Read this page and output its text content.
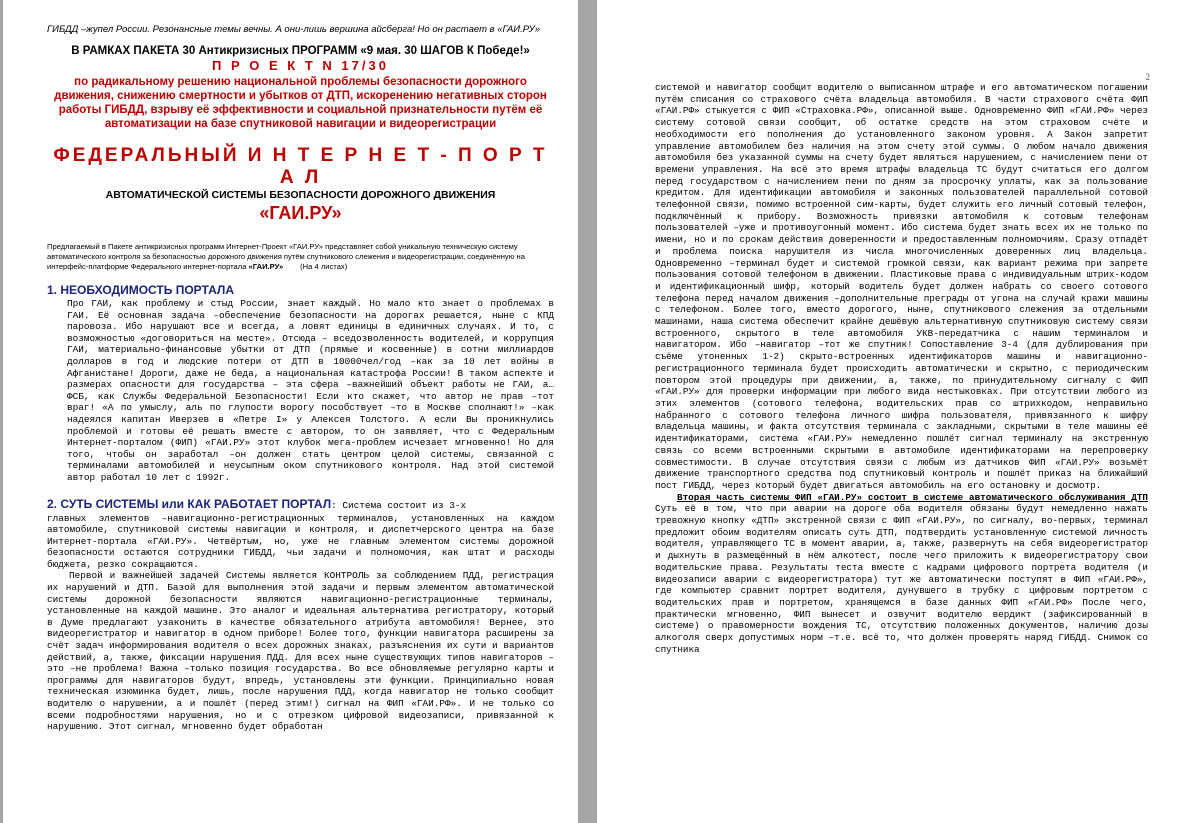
ГИБДД –жупел России. Резонансные темы вечны. А они-лишь вершина айсберга! Но он растает в «ГАИ.РУ»

В РАМКАХ ПАКЕТА 30 Антикризисных ПРОГРАММ «9 мая. 30 ШАГОВ К Победе!»
П Р О Е К Т N 17/30
по радикальному решению национальной проблемы безопасности дорожного движения, снижению смертности и убытков от ДТП, искоренению негативных сторон работы ГИБДД, взрыву её эффективности и социальной признательности путём её автоматизации на базе спутниковой навигации и видеорегистрации
ФЕДЕРАЛЬНЫЙ И Н Т Е Р Н Е Т - П О Р Т А Л
АВТОМАТИЧЕСКОЙ СИСТЕМЫ БЕЗОПАСНОСТИ ДОРОЖНОГО ДВИЖЕНИЯ
«ГАИ.РУ»

Предлагаемый в Пакете антикризисных программ Интернет-Проект «ГАИ.РУ» представляет собой уникальную техническую систему автоматического контроля за безопасностью дорожного движения путём спутникового слежения и видеорегистрации, соединённую на интерфейс-платформе Федерального интернет-портала «ГАИ.РУ» (На 4 листах)

1. НЕОБХОДИМОСТЬ ПОРТАЛА

Про ГАИ, как проблему и стыд России, знает каждый. Но мало кто знает о проблемах в ГАИ. Её основная задача –обеспечение безопасности на дорогах решается, ныне с КПД паровоза. Ибо нарушают все и всегда, а ловят единицы в единичных случаях. И то, с возможностью «договориться на месте». Отсюда – вседозволенность водителей, и коррупция ГАИ, материально-финансовые убытки от ДТП (прямые и косвенные) в сотни миллиардов долларов в год и людские потери от ДТП в 10000чел/год –как за 10 лет войны в Афганистане! Дороги, даже не беда, а национальная катастрофа России! В таком аспекте и размерах опасности для государства – эта сфера –важнейший объект работы не ГАИ, а… ФСБ, как Службы Федеральной Безопасности! Если кто скажет, что автор не прав –тот враг! «А по умыслу, аль по глупости ворогу пособствует –то в Москве сполнают!» –как надеялся капитан Иверзев в «Петре I» у Алексея Толстого. А если Вы проникнулись проблемой и готовы её решать вместе с автором, то он заявляет, что с Федеральным Интернет-порталом (ФИП) «ГАИ.РУ» этот клубок мега-проблем исчезает мгновенно! Но для того, чтобы он заработал –он должен стать центром целой системы, связанной с терминалами автомобилей и неусыпным оком спутникового контроля. Над этой системой автор работал 10 лет с 1992г.

2. СУТЬ СИСТЕМЫ или КАК РАБОТАЕТ ПОРТАЛ: Система состоит из 3-х

главных элементов –навигационно-регистрационных терминалов, установленных на каждом автомобиле, спутниковой системы навигации и контроля, и диспетчерского центра на базе Интернет-портала «ГАИ.РУ». Четвёртым, но, уже не главным элементом системы дорожной безопасности остаются сотрудники ГИБДД, чьи задачи и полномочия, как штат и расходы бюджета, резко сокращаются.

Первой и важнейшей задачей Системы является КОНТРОЛЬ за соблюдением ПДД, регистрация их нарушений и ДТП. Базой для выполнения этой задачи и первым элементом автоматической системы дорожной безопасности являются навигационно-регистрационные терминалы, установленные на каждой машине. Это аналог и идеальная альтернатива регистратору, который в Думе предлагают узаконить в качестве обязательного атрибута автомобиля! Вернее, это видеорегистратор и навигатор в одном приборе! Более того, функции навигатора расширены за счёт задач информирования водителя о всех дорожных знаках, разъяснения их сути и вариантов действий, а, также, фиксации нарушения ПДД. Для всех ныне существующих типов навигаторов –это –не проблема! Важна –только позиция государства. Во все обновляемые регулярно карты и программы для навигаторов будут, впредь, установлены эти функции. Принципиально новая техническая изюминка будет, лишь, после нарушения ПДД, когда навигатор не только сообщит водителю о нарушении, а и пошлёт (перед этим!) сигнал на ФИП «ГАИ.РФ». И не только со всеми подробностями нарушения, но и с отрезком цифровой видеозаписи, привязанной к нарушению. Этот сигнал, мгновенно будет обработан

2

системой и навигатор сообщит водителю о выписанном штрафе и его автоматическом погашении путём списания со страхового счёта владельца автомобиля. В части страхового счёта ФИП «ГАИ.РФ» стыкуется с ФИП «Страховка.РФ», описанной выше. Одновременно ФИП «ГАИ.РФ» через систему сотовой связи сообщит, об остатке средств на этом страховом счёте и необходимости его пополнения до установленного законом уровня. А Закон запретит управление автомобилем без наличия на этом счету этой суммы. О любом начало движения автомобиля без указанной суммы на счету будет являться нарушением, с начислением пени от времени управления. На всё это время штрафы владельца ТС будут считаться его долгом перед государством с начислением пени по дням за просрочку уплаты, как за пользование кредитом. Для идентификации автомобиля и законных пользователей параллельной сотовой телефонной связи, помимо встроенной сим-карты, будет служить его личный сотовый телефон, подключённый к прибору. Возможность привязки автомобиля к сотовым телефонам пользователей –уже и противоугонный момент. Ибо система будет знать всех их не только по имени, но и по срокам действия доверенности и предоставленным полномочиям. Сразу отпадёт и проблема поиска нарушителя из числа многочисленных доверенных лиц владельца. Одновременно –терминал будет и системой громкой связи, как вариант режима при запрете пользования сотовой телефоном в движении. Пластиковые права с индивидуальным штрих-кодом и идентификационный шифр, который водитель будет должен набрать со своего сотового телефона перед началом движения –дополнительные преграды от угона на случай кражи машины с телефоном. Более того, вместо дорогого, ныне, спутникового слежения за отдельными машинами, наша система обеспечит крайне дешёвую альтернативную спутниковую систему связи встроенного, скрытого в теле автомобиля УКВ-передатчика с нашим терминалом и навигатором. Ибо –навигатор –тот же спутник! Сопоставление 3-4 (для дублирования при съёме утоненных 1-2) скрыто-встроенных идентификаторов машины и навигационно-регистрационного терминала будет происходить автоматически и скрытно, с периодическим повтором этой процедуры при движении, а, также, по принудительному сигналу с ФИП «ГАИ.РУ» для проверки информации при любого вида нестыковках. При отсутствии любого из этих элементов (сотового телефона, водительских прав со штрихкодом, неправильно набранного с сотового телефона личного шифра пользователя, привязанного к шифру владельца машины, и факта отсутствия терминала с закладными, скрытыми в теле машины её идентификаторами, система «ГАИ.РУ» немедленно пошлёт сигнал терминалу на экстренную связь со всеми встроенными скрытыми в автомобиле идентификаторами на перепроверку совместимости. В случае отсутствия связи с любым из датчиков ФИП «ГАИ.РУ» возьмёт движение транспортного средства под спутниковый контроль и пошлёт приказ на ближайший пост ГИБДД, через который будет двигаться автомобиль на его остановку и досмотр.

Вторая часть системы ФИП «ГАИ.РУ» состоит в системе автоматического обслуживания ДТП Суть её в том, что при аварии на дороге оба водителя обязаны будут немедленно нажать тревожную кнопку «ДТП» экстренной связи с ФИП «ГАИ.РУ», по сигналу, во-первых, терминал предложит обоим водителям описать суть ДТП, подтвердить установленную системой личность водителя, управляющего ТС в момент аварии, а, также, развернуть на себя видеорегистратор и дыхнуть в размещённый в нём алкотест, после чего приложить к видеорегистратору свои водительские права. Результаты теста вместе с кадрами цифрового портрета водителя (и видеозаписи аварии с видеорегистратора) тут же автоматически поступят в ФИП «ГАИ.РФ», где компьютер сравнит портрет водителя, дунувшего в трубку с цифровым портретом с водительских прав и портретом, хранящемся в базе данных ФИП «ГАИ.РФ» После чего, практически мгновенно, ФИП вынесет и озвучит водителю вердикт (зафиксированный в системе) о правомерности вождения ТС, отсутствию положенных документов, наличию дозы алкоголя сверх допустимых норм –т.е. всё то, что должен проверять наряд ГИБДД. Снимок со спутника
